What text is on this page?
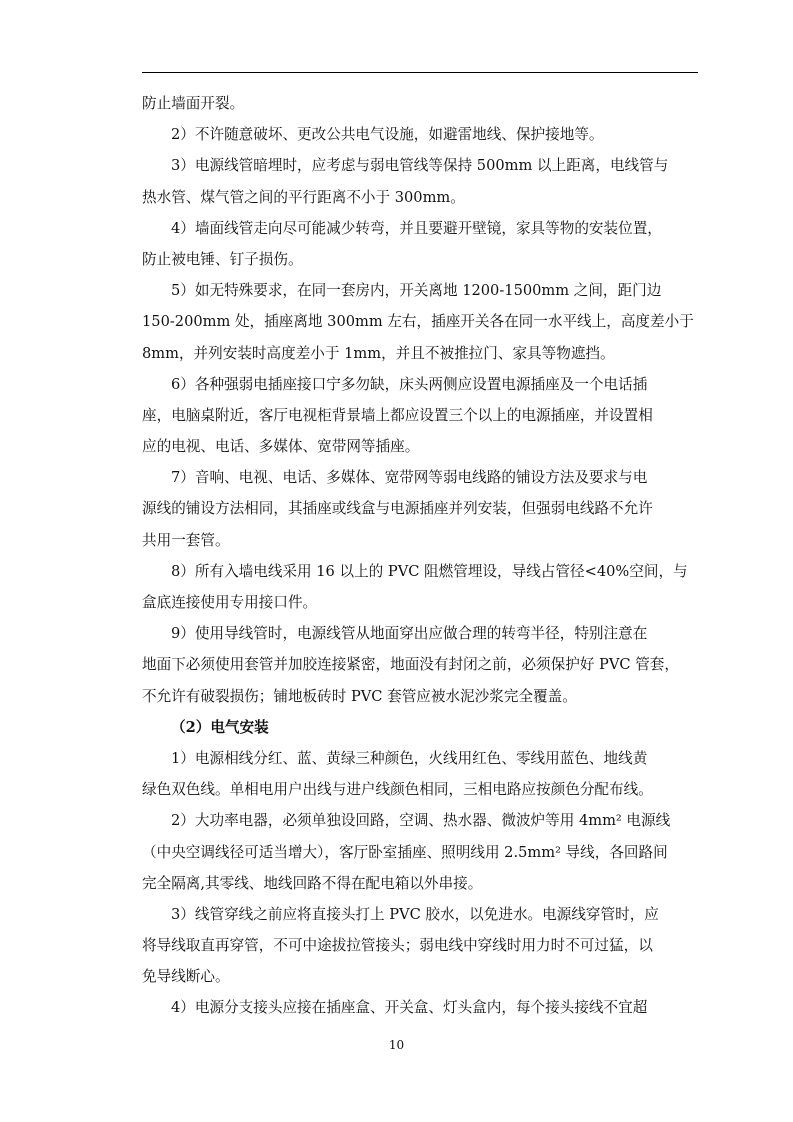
防止墙面开裂。
2）不许随意破坏、更改公共电气设施，如避雷地线、保护接地等。
3）电源线管暗埋时，应考虑与弱电管线等保持 500mm 以上距离，电线管与
热水管、煤气管之间的平行距离不小于 300mm。
4）墙面线管走向尽可能减少转弯，并且要避开壁镜，家具等物的安装位置，
防止被电锤、钉子损伤。
5）如无特殊要求，在同一套房内，开关离地 1200-1500mm 之间，距门边
150-200mm 处，插座离地 300mm 左右，插座开关各在同一水平线上，高度差小于
8mm，并列安装时高度差小于 1mm，并且不被推拉门、家具等物遮挡。
6）各种强弱电插座接口宁多勿缺，床头两侧应设置电源插座及一个电话插
座，电脑桌附近，客厅电视柜背景墙上都应设置三个以上的电源插座，并设置相
应的电视、电话、多媒体、宽带网等插座。
7）音响、电视、电话、多媒体、宽带网等弱电线路的铺设方法及要求与电
源线的铺设方法相同，其插座或线盒与电源插座并列安装，但强弱电线路不允许
共用一套管。
8）所有入墙电线采用 16 以上的 PVC 阻燃管埋设，导线占管径<40%空间，与
盒底连接使用专用接口件。
9）使用导线管时，电源线管从地面穿出应做合理的转弯半径，特别注意在
地面下必须使用套管并加胶连接紧密，地面没有封闭之前，必须保护好 PVC 管套，
不允许有破裂损伤；铺地板砖时 PVC 套管应被水泥沙浆完全覆盖。
（2）电气安装
1）电源相线分红、蓝、黄绿三种颜色，火线用红色、零线用蓝色、地线黄
绿色双色线。单相电用户出线与进户线颜色相同，三相电路应按颜色分配布线。
2）大功率电器，必须单独设回路，空调、热水器、微波炉等用 4mm² 电源线
（中央空调线径可适当增大），客厅卧室插座、照明线用 2.5mm² 导线，各回路间
完全隔离,其零线、地线回路不得在配电箱以外串接。
3）线管穿线之前应将直接头打上 PVC 胶水，以免进水。电源线穿管时，应
将导线取直再穿管，不可中途拔拉管接头；弱电线中穿线时用力时不可过猛，以
免导线断心。
4）电源分支接头应接在插座盒、开关盒、灯头盒内，每个接头接线不宜超
10
